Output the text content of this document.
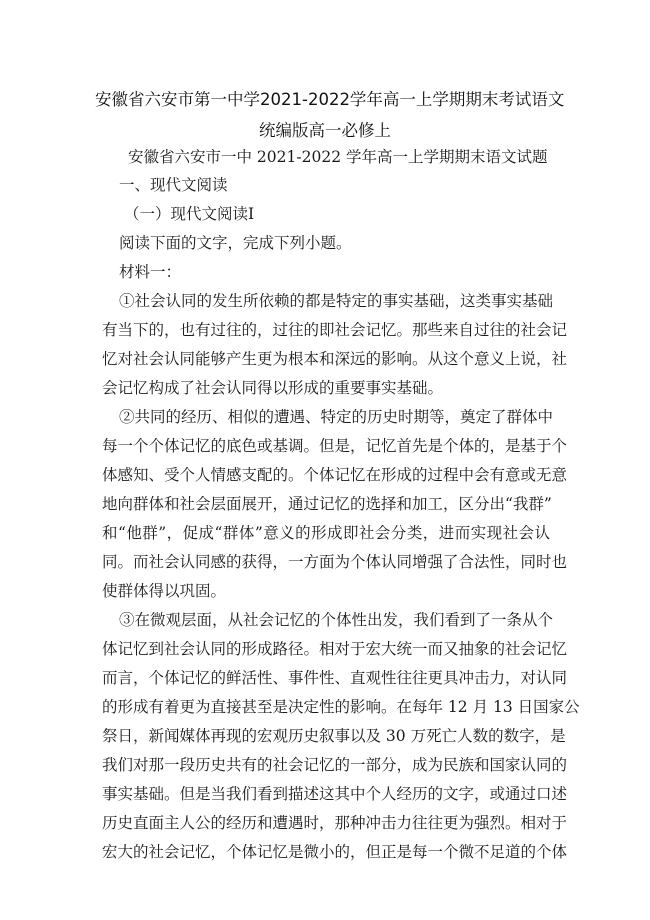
安徽省六安市第一中学2021-2022学年高一上学期期末考试语文
统编版高一必修上
安徽省六安市一中 2021-2022 学年高一上学期期末语文试题
一、现代文阅读
（一）现代文阅读Ⅰ
阅读下面的文字，完成下列小题。
材料一：
①社会认同的发生所依赖的都是特定的事实基础，这类事实基础
有当下的，也有过往的，过往的即社会记忆。那些来自过往的社会记
忆对社会认同能够产生更为根本和深远的影响。从这个意义上说，社
会记忆构成了社会认同得以形成的重要事实基础。
②共同的经历、相似的遭遇、特定的历史时期等，奠定了群体中
每一个个体记忆的底色或基调。但是，记忆首先是个体的，是基于个
体感知、受个人情感支配的。个体记忆在形成的过程中会有意或无意
地向群体和社会层面展开，通过记忆的选择和加工，区分出“我群”
和“他群”，促成“群体”意义的形成即社会分类，进而实现社会认
同。而社会认同感的获得，一方面为个体认同增强了合法性，同时也
使群体得以巩固。
③在微观层面，从社会记忆的个体性出发，我们看到了一条从个
体记忆到社会认同的形成路径。相对于宏大统一而又抽象的社会记忆
而言，个体记忆的鲜活性、事件性、直观性往往更具冲击力，对认同
的形成有着更为直接甚至是决定性的影响。在每年 12 月 13 日国家公
祭日，新闻媒体再现的宏观历史叙事以及 30 万死亡人数的数字，是
我们对那一段历史共有的社会记忆的一部分，成为民族和国家认同的
事实基础。但是当我们看到描述这其中个人经历的文字，或通过口述
历史直面主人公的经历和遭遇时，那种冲击力往往更为强烈。相对于
宏大的社会记忆，个体记忆是微小的，但正是每一个微不足道的个体
